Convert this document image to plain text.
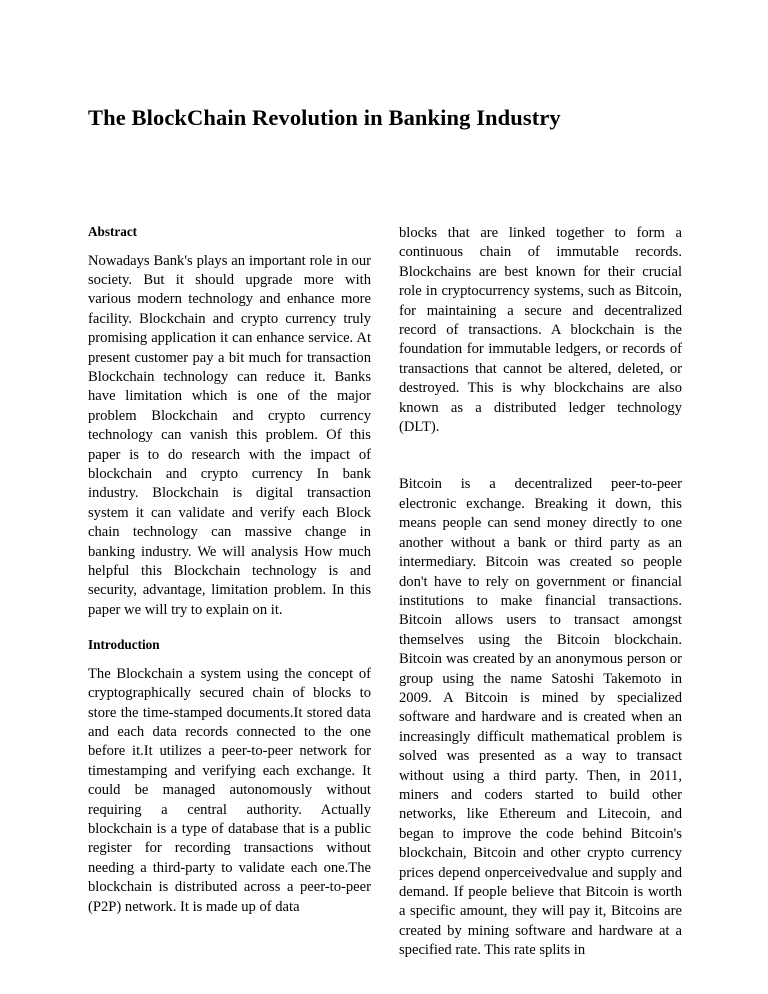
The BlockChain Revolution in Banking Industry
Abstract

Nowadays Bank's plays an important role in our society. But it should upgrade more with various modern technology and enhance more facility. Blockchain and crypto currency truly promising application it can enhance service. At present customer pay a bit much for transaction Blockchain technology can reduce it. Banks have limitation which is one of the major problem Blockchain and crypto currency technology can vanish this problem. Of this paper is to do research with the impact of blockchain and crypto currency In bank industry. Blockchain is digital transaction system it can validate and verify each Block chain technology can massive change in banking industry. We will analysis How much helpful this Blockchain technology is and security, advantage, limitation problem. In this paper we will try to explain on it.

Introduction

The Blockchain a system using the concept of cryptographically secured chain of blocks to store the time-stamped documents.It stored data and each data records connected to the one before it.It utilizes a peer-to-peer network for timestamping and verifying each exchange. It could be managed autonomously without requiring a central authority. Actually blockchain is a type of database that is a public register for recording transactions without needing a third-party to validate each one.The blockchain is distributed across a peer-to-peer (P2P) network. It is made up of data

blocks that are linked together to form a continuous chain of immutable records. Blockchains are best known for their crucial role in cryptocurrency systems, such as Bitcoin, for maintaining a secure and decentralized record of transactions. A blockchain is the foundation for immutable ledgers, or records of transactions that cannot be altered, deleted, or destroyed. This is why blockchains are also known as a distributed ledger technology (DLT).

Bitcoin is a decentralized peer-to-peer electronic exchange. Breaking it down, this means people can send money directly to one another without a bank or third party as an intermediary. Bitcoin was created so people don't have to rely on government or financial institutions to make financial transactions. Bitcoin allows users to transact amongst themselves using the Bitcoin blockchain. Bitcoin was created by an anonymous person or group using the name Satoshi Takemoto in 2009. A Bitcoin is mined by specialized software and hardware and is created when an increasingly difficult mathematical problem is solved was presented as a way to transact without using a third party. Then, in 2011, miners and coders started to build other networks, like Ethereum and Litecoin, and began to improve the code behind Bitcoin's blockchain, Bitcoin and other crypto currency prices depend onperceivedvalue and supply and demand. If people believe that Bitcoin is worth a specific amount, they will pay it, Bitcoins are created by mining software and hardware at a specified rate. This rate splits in
